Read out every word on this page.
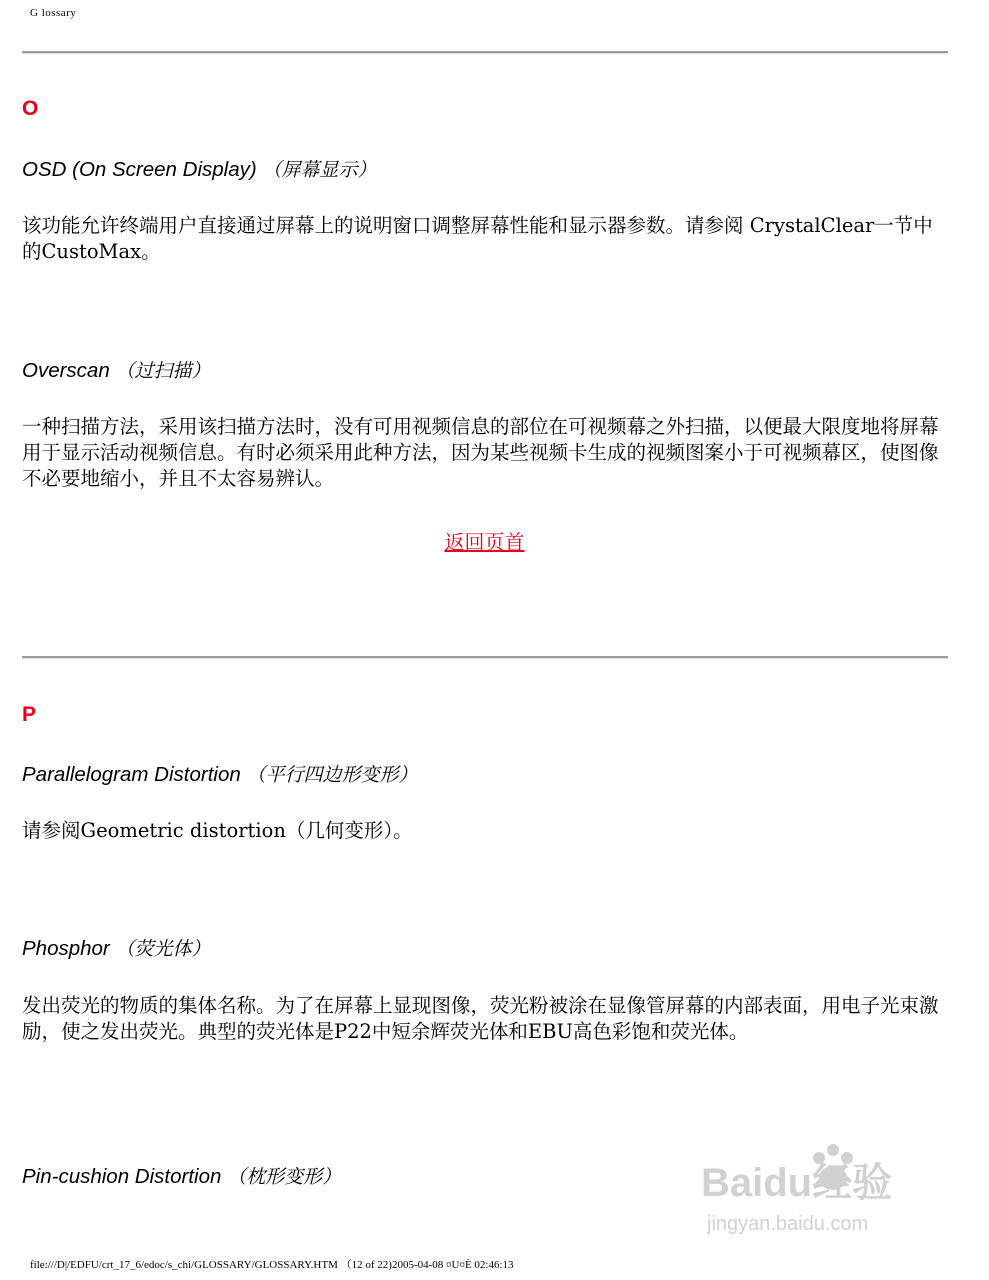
G lossary
O
OSD (On Screen Display) （屏幕显示）
该功能允许终端用户直接通过屏幕上的说明窗口调整屏幕性能和显示器参数。请参阅 CrystalClear一节中的CustoMax。
Overscan （过扫描）
一种扫描方法，采用该扫描方法时，没有可用视频信息的部位在可视频幕之外扫描，以便最大限度地将屏幕用于显示活动视频信息。有时必须采用此种方法，因为某些视频卡生成的视频图案小于可视频幕区，使图像不必要地缩小，并且不太容易辨认。
返回页首
P
Parallelogram Distortion （平行四边形变形）
请参阅Geometric distortion（几何变形）。
Phosphor （荧光体）
发出荧光的物质的集体名称。为了在屏幕上显现图像，荧光粉被涂在显像管屏幕的内部表面，用电子光束激励，使之发出荧光。典型的荧光体是P22中短余辉荧光体和EBU高色彩饱和荧光体。
Pin-cushion Distortion （枕形变形）	Baidu经验
jingyan.baidu.com
file:///D|/EDFU/crt_17_6/edoc/s_chi/GLOSSARY/GLOSSARY.HTM （12 of 22)2005-04-08 ¤U¤È 02:46:13
